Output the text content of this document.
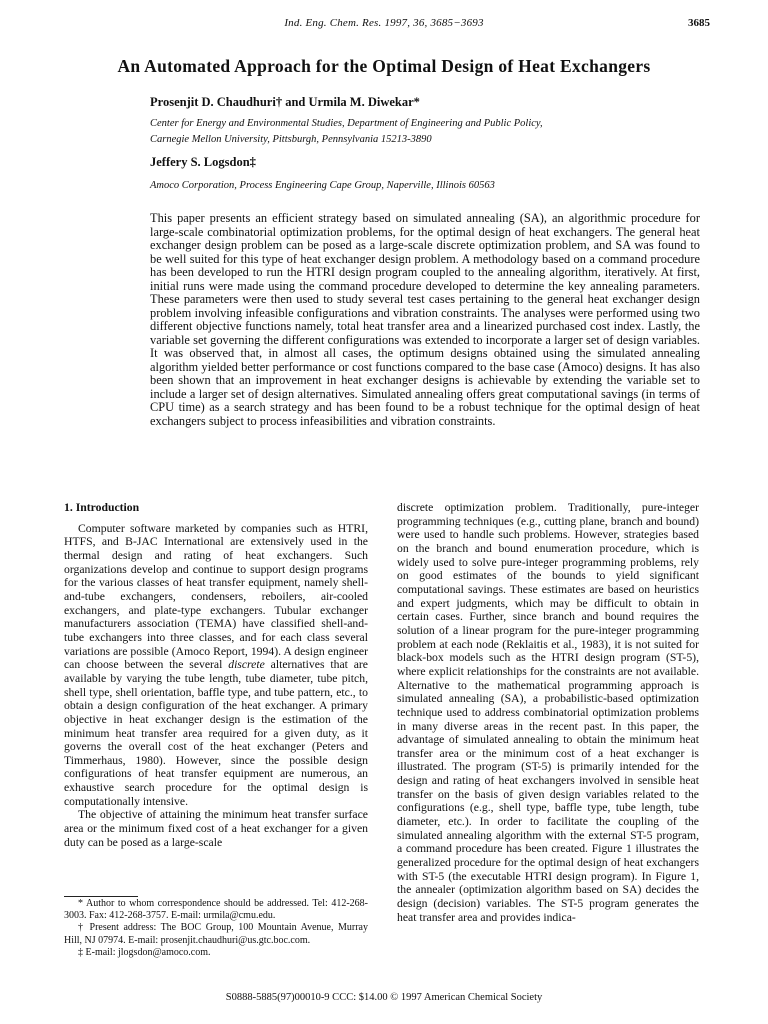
Ind. Eng. Chem. Res. 1997, 36, 3685−3693	3685
An Automated Approach for the Optimal Design of Heat Exchangers
Prosenjit D. Chaudhuri† and Urmila M. Diwekar*
Center for Energy and Environmental Studies, Department of Engineering and Public Policy,
Carnegie Mellon University, Pittsburgh, Pennsylvania 15213-3890
Jeffery S. Logsdon‡
Amoco Corporation, Process Engineering Cape Group, Naperville, Illinois 60563

This paper presents an efficient strategy based on simulated annealing (SA), an algorithmic procedure for large-scale combinatorial optimization problems, for the optimal design of heat exchangers. The general heat exchanger design problem can be posed as a large-scale discrete optimization problem, and SA was found to be well suited for this type of heat exchanger design problem. A methodology based on a command procedure has been developed to run the HTRI design program coupled to the annealing algorithm, iteratively. At first, initial runs were made using the command procedure developed to determine the key annealing parameters. These parameters were then used to study several test cases pertaining to the general heat exchanger design problem involving infeasible configurations and vibration constraints. The analyses were performed using two different objective functions namely, total heat transfer area and a linearized purchased cost index. Lastly, the variable set governing the different configurations was extended to incorporate a larger set of design variables. It was observed that, in almost all cases, the optimum designs obtained using the simulated annealing algorithm yielded better performance or cost functions compared to the base case (Amoco) designs. It has also been shown that an improvement in heat exchanger designs is achievable by extending the variable set to include a larger set of design alternatives. Simulated annealing offers great computational savings (in terms of CPU time) as a search strategy and has been found to be a robust technique for the optimal design of heat exchangers subject to process infeasibilities and vibration constraints.

1. Introduction

Computer software marketed by companies such as HTRI, HTFS, and B-JAC International are extensively used in the thermal design and rating of heat exchangers. Such organizations develop and continue to support design programs for the various classes of heat transfer equipment, namely shell-and-tube exchangers, condensers, reboilers, air-cooled exchangers, and plate-type exchangers. Tubular exchanger manufacturers association (TEMA) have classified shell-and-tube exchangers into three classes, and for each class several variations are possible (Amoco Report, 1994). A design engineer can choose between the several discrete alternatives that are available by varying the tube length, tube diameter, tube pitch, shell type, shell orientation, baffle type, and tube pattern, etc., to obtain a design configuration of the heat exchanger. A primary objective in heat exchanger design is the estimation of the minimum heat transfer area required for a given duty, as it governs the overall cost of the heat exchanger (Peters and Timmerhaus, 1980). However, since the possible design configurations of heat transfer equipment are numerous, an exhaustive search procedure for the optimal design is computationally intensive.

The objective of attaining the minimum heat transfer surface area or the minimum fixed cost of a heat exchanger for a given duty can be posed as a large-scale

* Author to whom correspondence should be addressed. Tel: 412-268-3003. Fax: 412-268-3757. E-mail: urmila@cmu.edu.

† Present address: The BOC Group, 100 Mountain Avenue, Murray Hill, NJ 07974. E-mail: prosenjit.chaudhuri@us.gtc.boc.com.

‡ E-mail: jlogsdon@amoco.com.

discrete optimization problem. Traditionally, pure-integer programming techniques (e.g., cutting plane, branch and bound) were used to handle such problems. However, strategies based on the branch and bound enumeration procedure, which is widely used to solve pure-integer programming problems, rely on good estimates of the bounds to yield significant computational savings. These estimates are based on heuristics and expert judgments, which may be difficult to obtain in certain cases. Further, since branch and bound requires the solution of a linear program for the pure-integer programming problem at each node (Reklaitis et al., 1983), it is not suited for black-box models such as the HTRI design program (ST-5), where explicit relationships for the constraints are not available. Alternative to the mathematical programming approach is simulated annealing (SA), a probabilistic-based optimization technique used to address combinatorial optimization problems in many diverse areas in the recent past. In this paper, the advantage of simulated annealing to obtain the minimum heat transfer area or the minimum cost of a heat exchanger is illustrated. The program (ST-5) is primarily intended for the design and rating of heat exchangers involved in sensible heat transfer on the basis of given design variables related to the configurations (e.g., shell type, baffle type, tube length, tube diameter, etc.). In order to facilitate the coupling of the simulated annealing algorithm with the external ST-5 program, a command procedure has been created. Figure 1 illustrates the generalized procedure for the optimal design of heat exchangers with ST-5 (the executable HTRI design program). In Figure 1, the annealer (optimization algorithm based on SA) decides the design (decision) variables. The ST-5 program generates the heat transfer area and provides indica-

S0888-5885(97)00010-9 CCC: $14.00 © 1997 American Chemical Society
